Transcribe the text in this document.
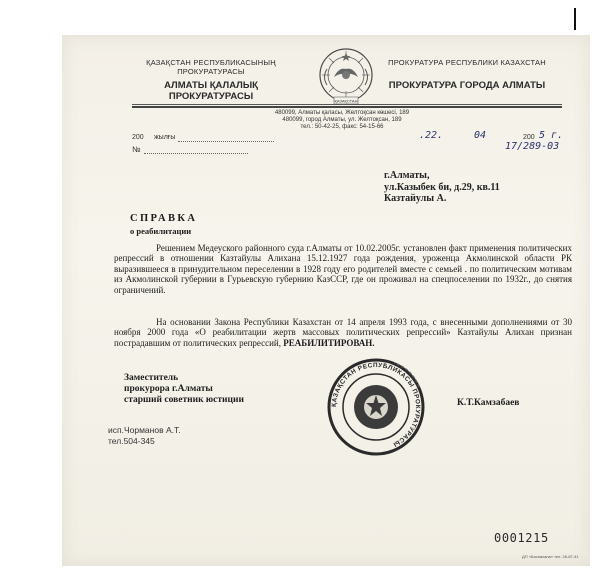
ҚАЗАҚСТАН РЕСПУБЛИКАСЫНЫҢ ПРОКУРАТУРАСЫ
АЛМАТЫ ҚАЛАЛЫҚ ПРОКУРАТУРАСЫ
ПРОКУРАТУРА РЕСПУБЛИКИ КАЗАХСТАН
ПРОКУРАТУРА ГОРОДА АЛМАТЫ
ҚАЗАҚСТАН
480099, Алматы қаласы, Желтоқсан көшесі, 189
480099, город Алматы, ул. Желтоқсан, 189
тел.: 50-42-25, факс: 54-15-66
200 жылғы
№
.22.	04	200 5 г.
17/289-03
г.Алматы,
ул.Казыбек би, д.29, кв.11
Казтайулы А.
СПРАВКА
о реабилитации
Решением Медеуского районного суда г.Алматы от 10.02.2005г. установлен факт применения политических репрессий в отношении Казтайулы Алихана 15.12.1927 года рождения, уроженца Акмолинской области РК выразившееся в принудительном переселении в 1928 году его родителей вместе с семьей . по политическим мотивам из Акмолинской губернии в Гурьевскую губернию КазССР, где он проживал на спецпоселении по 1932г., до снятия ограничений.
На основании Закона Республики Казахстан от 14 апреля 1993 года, с внесенными дополнениями от 30 ноября 2000 года «О реабилитации жертв массовых политических репрессий» Казтайулы Алихан признан пострадавшим от политических репрессий, РЕАБИЛИТИРОВАН.
Заместитель
прокурора г.Алматы
старший советник юстиции	ҚАЗАҚСТАН РЕСПУБЛИКАСЫ ПРОКУРАТУРАСЫ
К.Т.Камзабаев
исп.Чорманов А.Т.
тел.504-345
0001215
ДП «Баспахана» тел. 26-87-41
